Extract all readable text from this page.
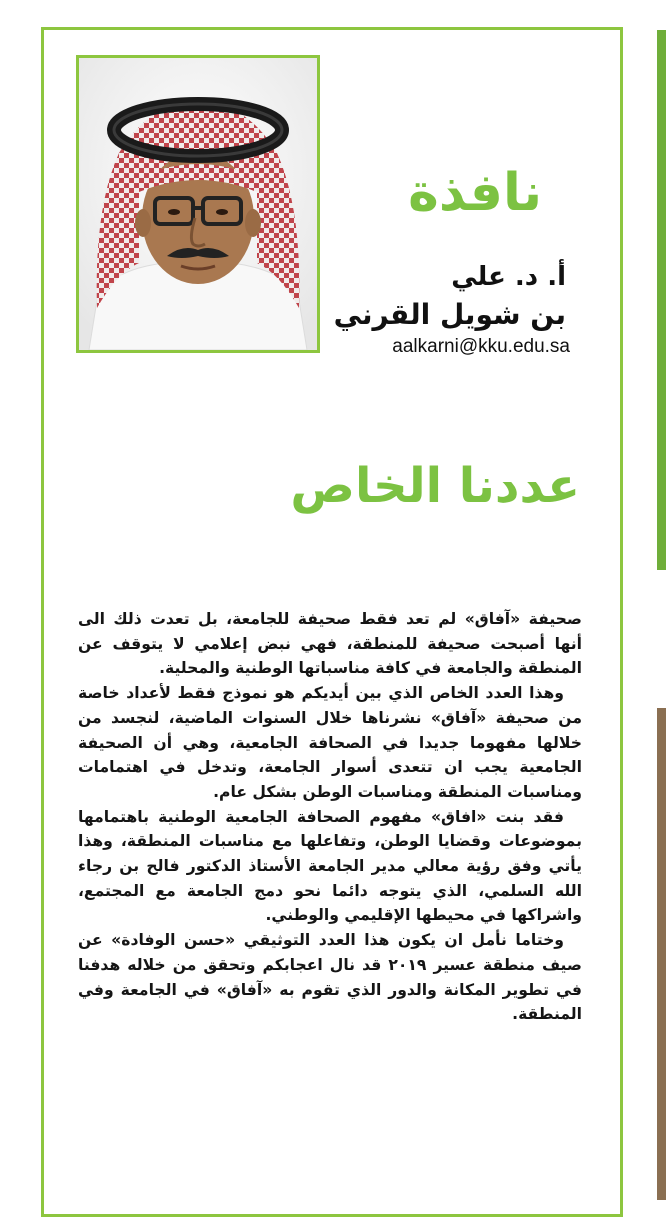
نافذة
أ. د. علي
بن شويل القرني
aalkarni@kku.edu.sa
عددنا الخاص

صحيفة «آفاق» لم تعد فقط صحيفة للجامعة، بل تعدت ذلك الى أنها أصبحت صحيفة للمنطقة، فهي نبض إعلامي لا يتوقف عن المنطقة والجامعة في كافة مناسباتها الوطنية والمحلية.

وهذا العدد الخاص الذي بين أيديكم هو نموذج فقط لأعداد خاصة من صحيفة «آفاق» نشرناها خلال السنوات الماضية، لنجسد من خلالها مفهوما جديدا في الصحافة الجامعية، وهي أن الصحيفة الجامعية يجب ان تتعدى أسوار الجامعة، وتدخل في اهتمامات ومناسبات المنطقة ومناسبات الوطن بشكل عام.

فقد بنت «افاق» مفهوم الصحافة الجامعية الوطنية باهتمامها بموضوعات وقضايا الوطن، وتفاعلها مع مناسبات المنطقة، وهذا يأتي وفق رؤية معالي مدير الجامعة الأستاذ الدكتور فالح بن رجاء الله السلمي، الذي يتوجه دائما نحو دمج الجامعة مع المجتمع، واشراكها في محيطها الإقليمي والوطني.

وختاما نأمل ان يكون هذا العدد التوثيقي «حسن الوفادة» عن صيف منطقة عسير ٢٠١٩ قد نال اعجابكم وتحقق من خلاله هدفنا في تطوير المكانة والدور الذي تقوم به «آفاق» في الجامعة وفي المنطقة.
